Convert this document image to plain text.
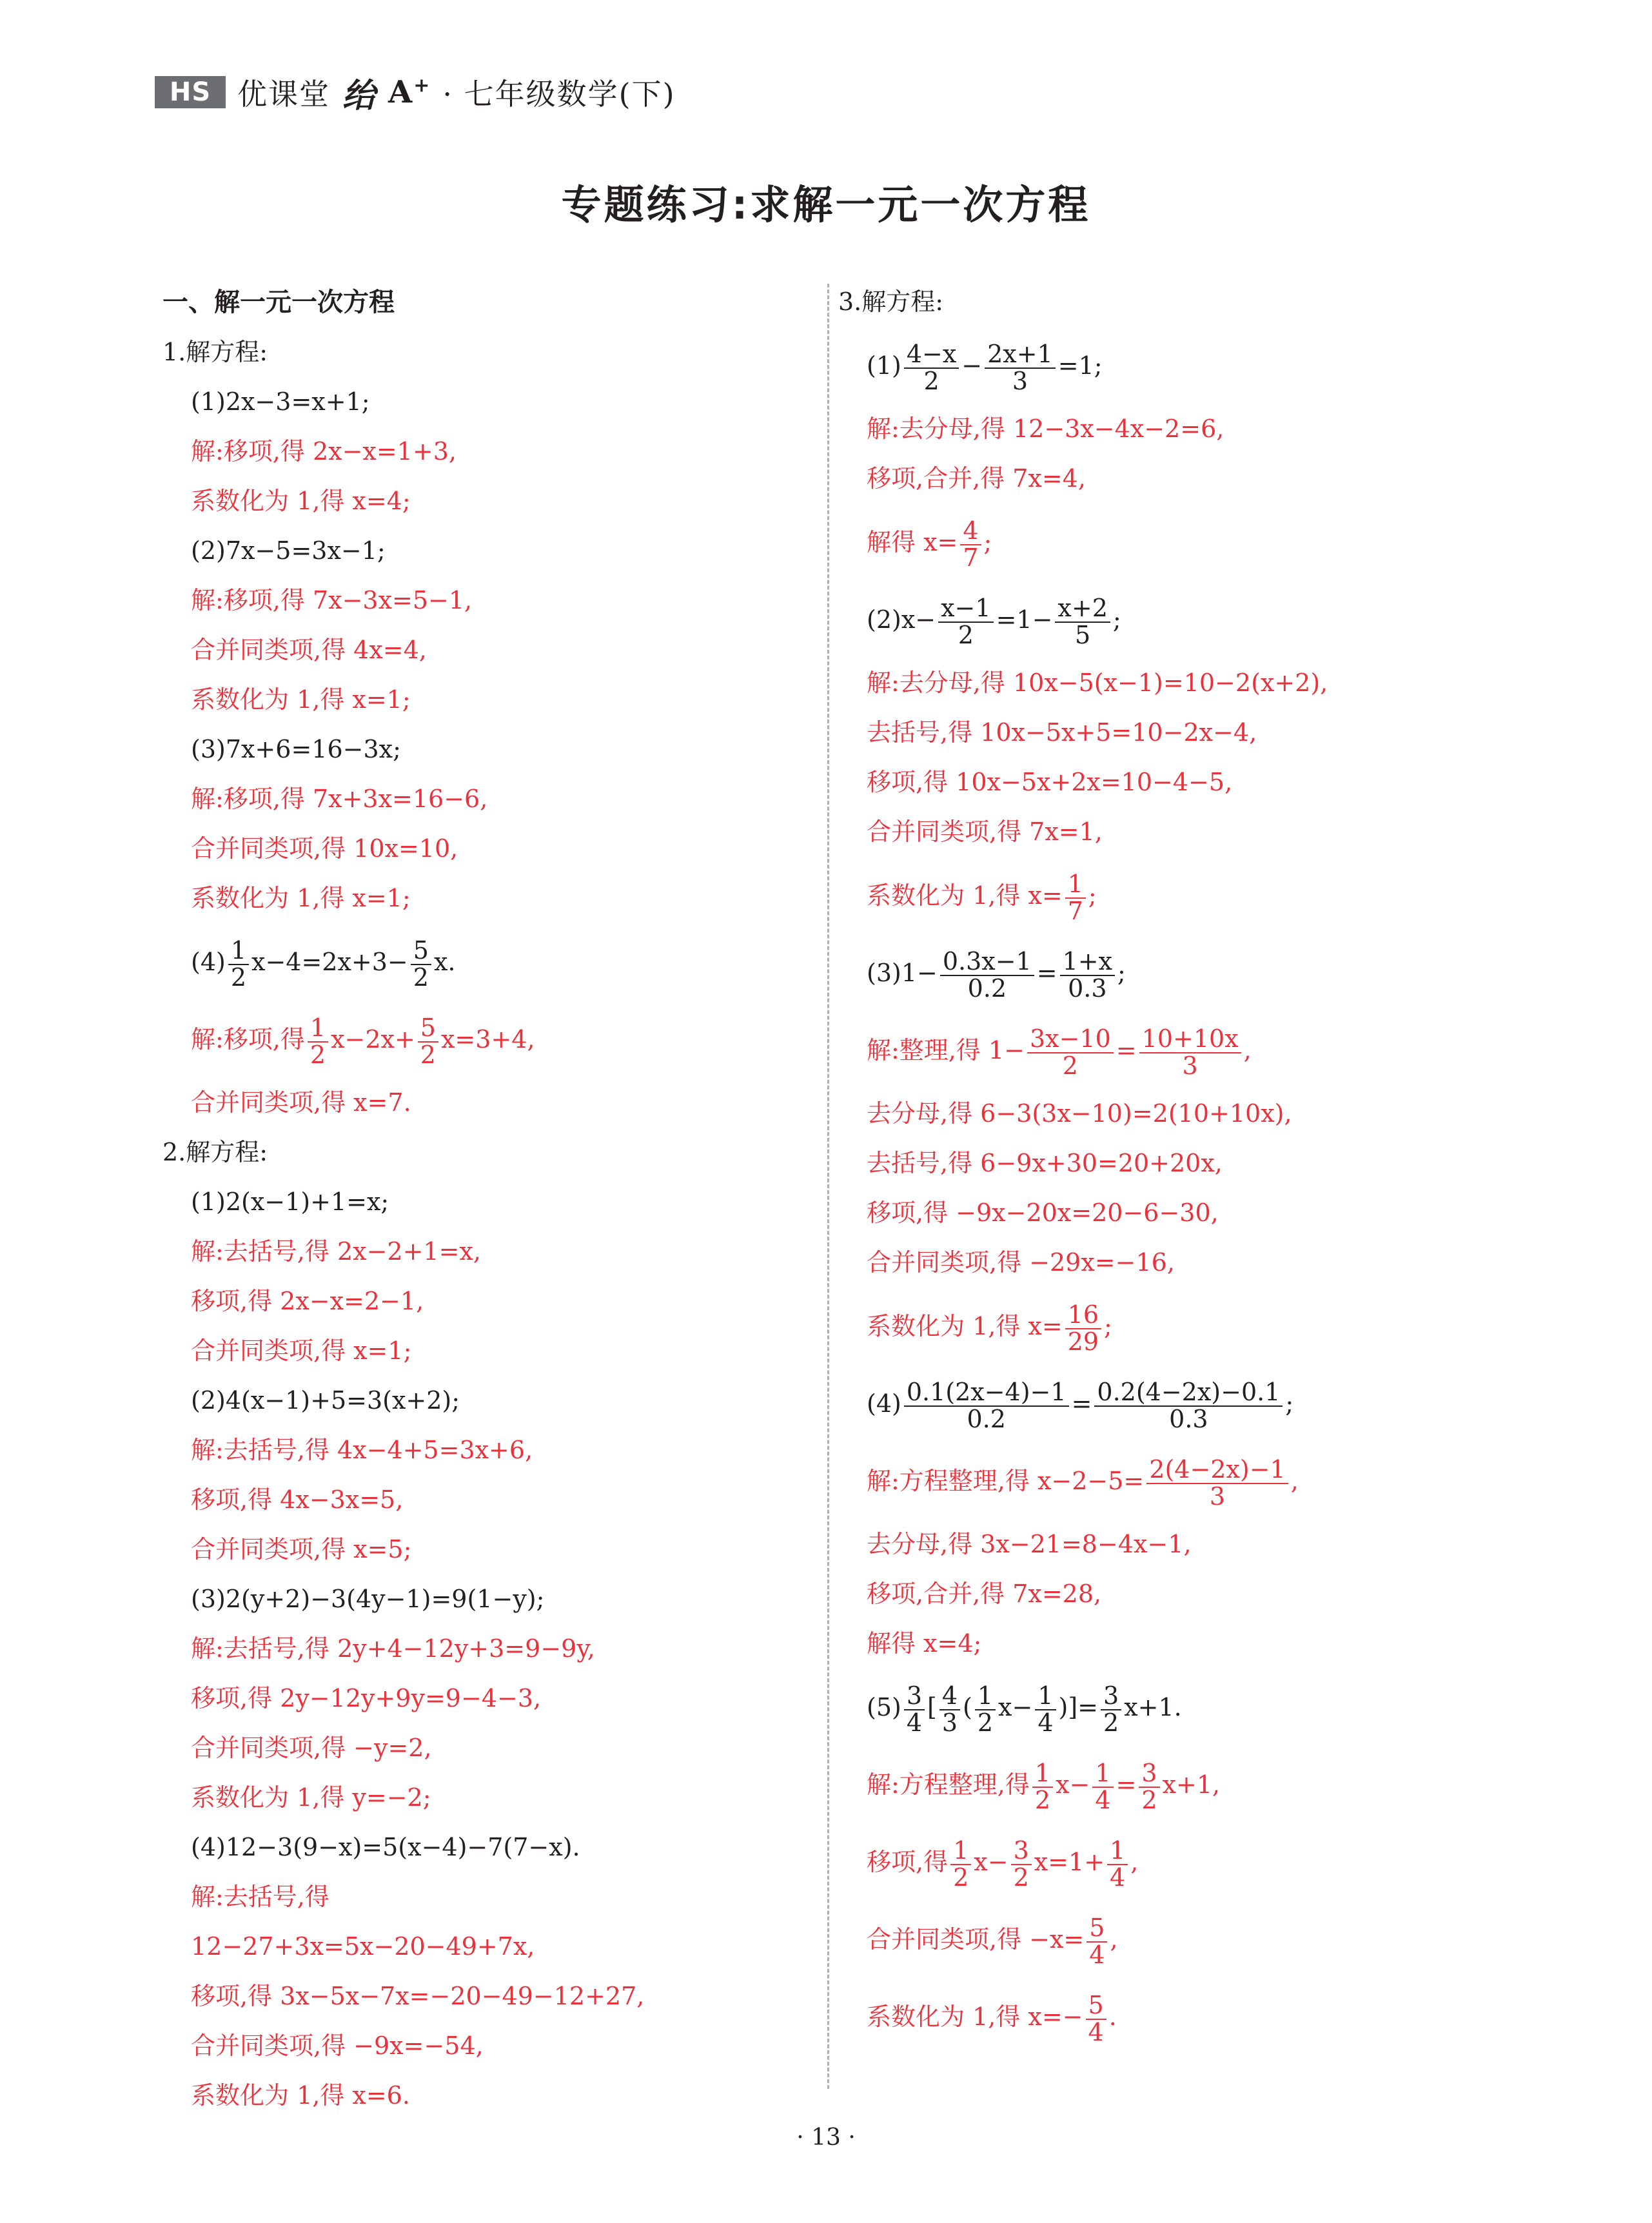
HS 优课堂 绐 A+ · 七年级数学(下)
专题练习:求解一元一次方程
一、解一元一次方程
1.解方程:
(1)2x−3=x+1;
解:移项,得 2x−x=1+3,
系数化为 1,得 x=4;
(2)7x−5=3x−1;
解:移项,得 7x−3x=5−1,
合并同类项,得 4x=4,
系数化为 1,得 x=1;
(3)7x+6=16−3x;
解:移项,得 7x+3x=16−6,
合并同类项,得 10x=10,
系数化为 1,得 x=1;
$(4) \frac{1}{2} x-4=2x+3- \frac{5}{2} x$.
解:移项,得 $\frac{1}{2} x-2x+ \frac{5}{2} x=3+4$,
合并同类项,得 x=7.
2.解方程:
(1)2(x−1)+1=x;
解:去括号,得 2x−2+1=x,
移项,得 2x−x=2−1,
合并同类项,得 x=1;
(2)4(x−1)+5=3(x+2);
解:去括号,得 4x−4+5=3x+6,
移项,得 4x−3x=5,
合并同类项,得 x=5;
(3)2(y+2)−3(4y−1)=9(1−y);
解:去括号,得 2y+4−12y+3=9−9y,
移项,得 2y−12y+9y=9−4−3,
合并同类项,得 −y=2,
系数化为 1,得 y=−2;
(4)12−3(9−x)=5(x−4)−7(7−x).
解:去括号,得
12−27+3x=5x−20−49+7x,
移项,得 3x−5x−7x=−20−49−12+27,
合并同类项,得 −9x=−54,
系数化为 1,得 x=6.
3.解方程:
$(1) \frac{4-x}{2} - \frac{2x+1}{3} =1$;
解:去分母,得 12−3x−4x−2=6,
移项,合并,得 7x=4,
解得 $x= \frac{4}{7}$ ;
$(2)x- \frac{x-1}{2} =1- \frac{x+2}{5}$ ;
解:去分母,得 10x−5(x−1)=10−2(x+2),
去括号,得 10x−5x+5=10−2x−4,
移项,得 10x−5x+2x=10−4−5,
合并同类项,得 7x=1,
系数化为 1,得 $x= \frac{1}{7}$ ;
$(3)1- \frac{0.3x-1}{0.2} = \frac{1+x}{0.3}$ ;
解:整理,得 $1- \frac{3x-10}{2} = \frac{10+10x}{3}$ ,
去分母,得 6−3(3x−10)=2(10+10x),
去括号,得 6−9x+30=20+20x,
移项,得 −9x−20x=20−6−30,
合并同类项,得 −29x=−16,
系数化为 1,得 $x= \frac{16}{29}$ ;
$(4) \frac{0.1(2x-4)-1}{0.2} = \frac{0.2(4-2x)-0.1}{0.3}$ ;
解:方程整理,得 $x-2-5= \frac{2(4-2x)-1}{3}$ ,
去分母,得 3x−21=8−4x−1,
移项,合并,得 7x=28,
解得 x=4;
$(5) \frac{3}{4}$ [ $\frac{4}{3}$ ( $\frac{1}{2} x- \frac{1}{4}$ )]= $\frac{3}{2} x+1$.
解:方程整理,得 $\frac{1}{2} x- \frac{1}{4} = \frac{3}{2} x+1$,
移项,得 $\frac{1}{2} x- \frac{3}{2} x=1+ \frac{1}{4}$ ,
合并同类项,得 $-x= \frac{5}{4}$ ,
系数化为 1,得 $x=- \frac{5}{4}$ .
· 13 ·
